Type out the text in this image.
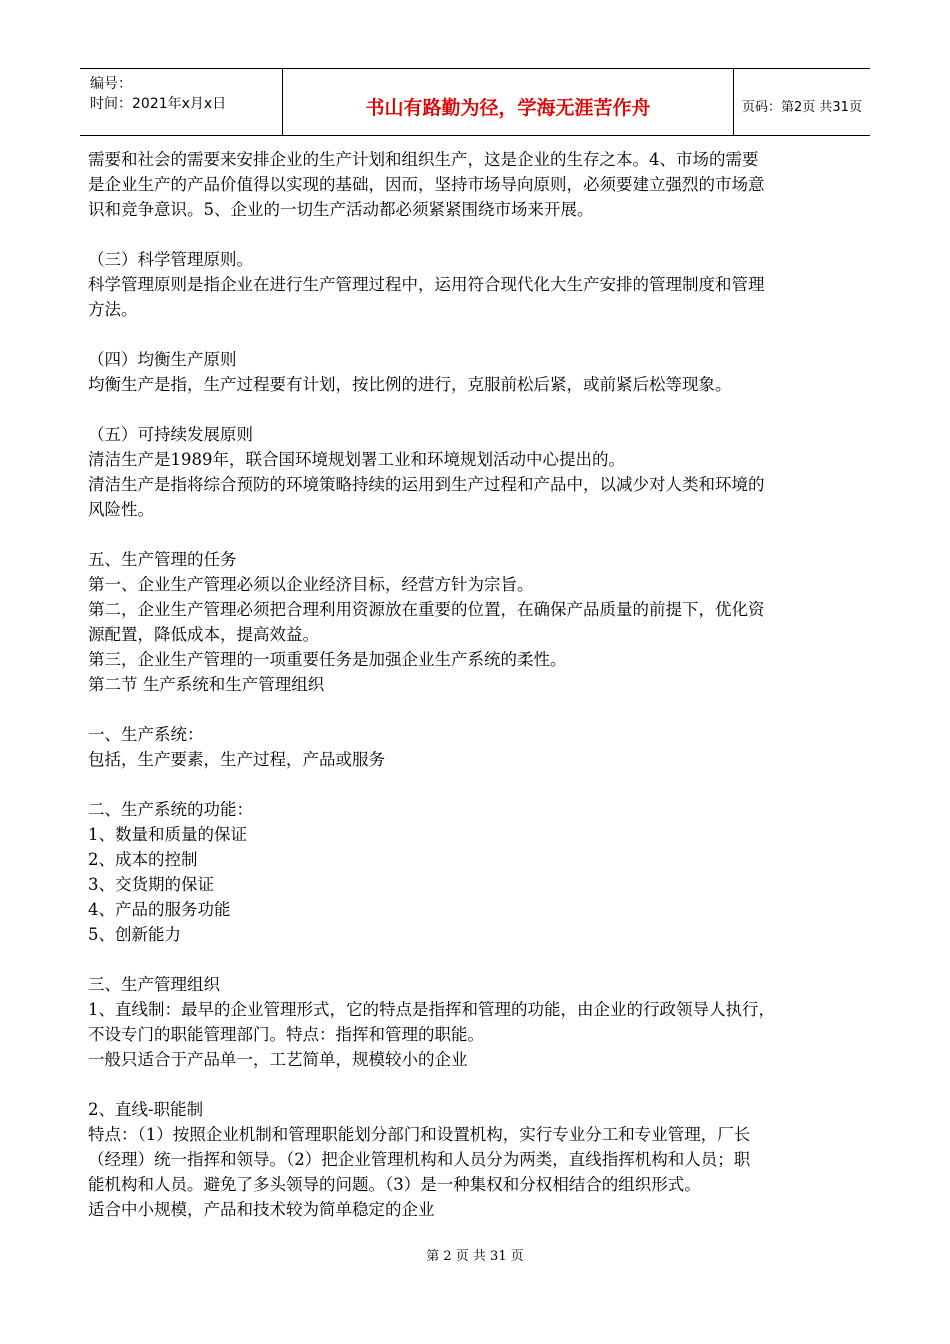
编号：
时间：2021年x月x日	书山有路勤为径，学海无涯苦作舟	页码：第2页 共31页

需要和社会的需要来安排企业的生产计划和组织生产，这是企业的生存之本。4、市场的需要

是企业生产的产品价值得以实现的基础，因而，坚持市场导向原则，必须要建立强烈的市场意

识和竞争意识。5、企业的一切生产活动都必须紧紧围绕市场来开展。

（三）科学管理原则。

科学管理原则是指企业在进行生产管理过程中，运用符合现代化大生产安排的管理制度和管理

方法。

（四）均衡生产原则

均衡生产是指，生产过程要有计划，按比例的进行，克服前松后紧，或前紧后松等现象。

（五）可持续发展原则

清洁生产是1989年，联合国环境规划署工业和环境规划活动中心提出的。

清洁生产是指将综合预防的环境策略持续的运用到生产过程和产品中，以减少对人类和环境的

风险性。

五、生产管理的任务

第一、企业生产管理必须以企业经济目标，经营方针为宗旨。

第二，企业生产管理必须把合理利用资源放在重要的位置，在确保产品质量的前提下，优化资

源配置，降低成本，提高效益。

第三，企业生产管理的一项重要任务是加强企业生产系统的柔性。

第二节 生产系统和生产管理组织

一、生产系统：

包括，生产要素，生产过程，产品或服务

二、生产系统的功能：

1、数量和质量的保证

2、成本的控制

3、交货期的保证

4、产品的服务功能

5、创新能力

三、生产管理组织

1、直线制：最早的企业管理形式，它的特点是指挥和管理的功能，由企业的行政领导人执行，

不设专门的职能管理部门。特点：指挥和管理的职能。

一般只适合于产品单一，工艺简单，规模较小的企业

2、直线-职能制

特点：（1）按照企业机制和管理职能划分部门和设置机构，实行专业分工和专业管理，厂长

（经理）统一指挥和领导。（2）把企业管理机构和人员分为两类，直线指挥机构和人员；职

能机构和人员。避免了多头领导的问题。（3）是一种集权和分权相结合的组织形式。

适合中小规模，产品和技术较为简单稳定的企业

第 2 页 共 31 页
